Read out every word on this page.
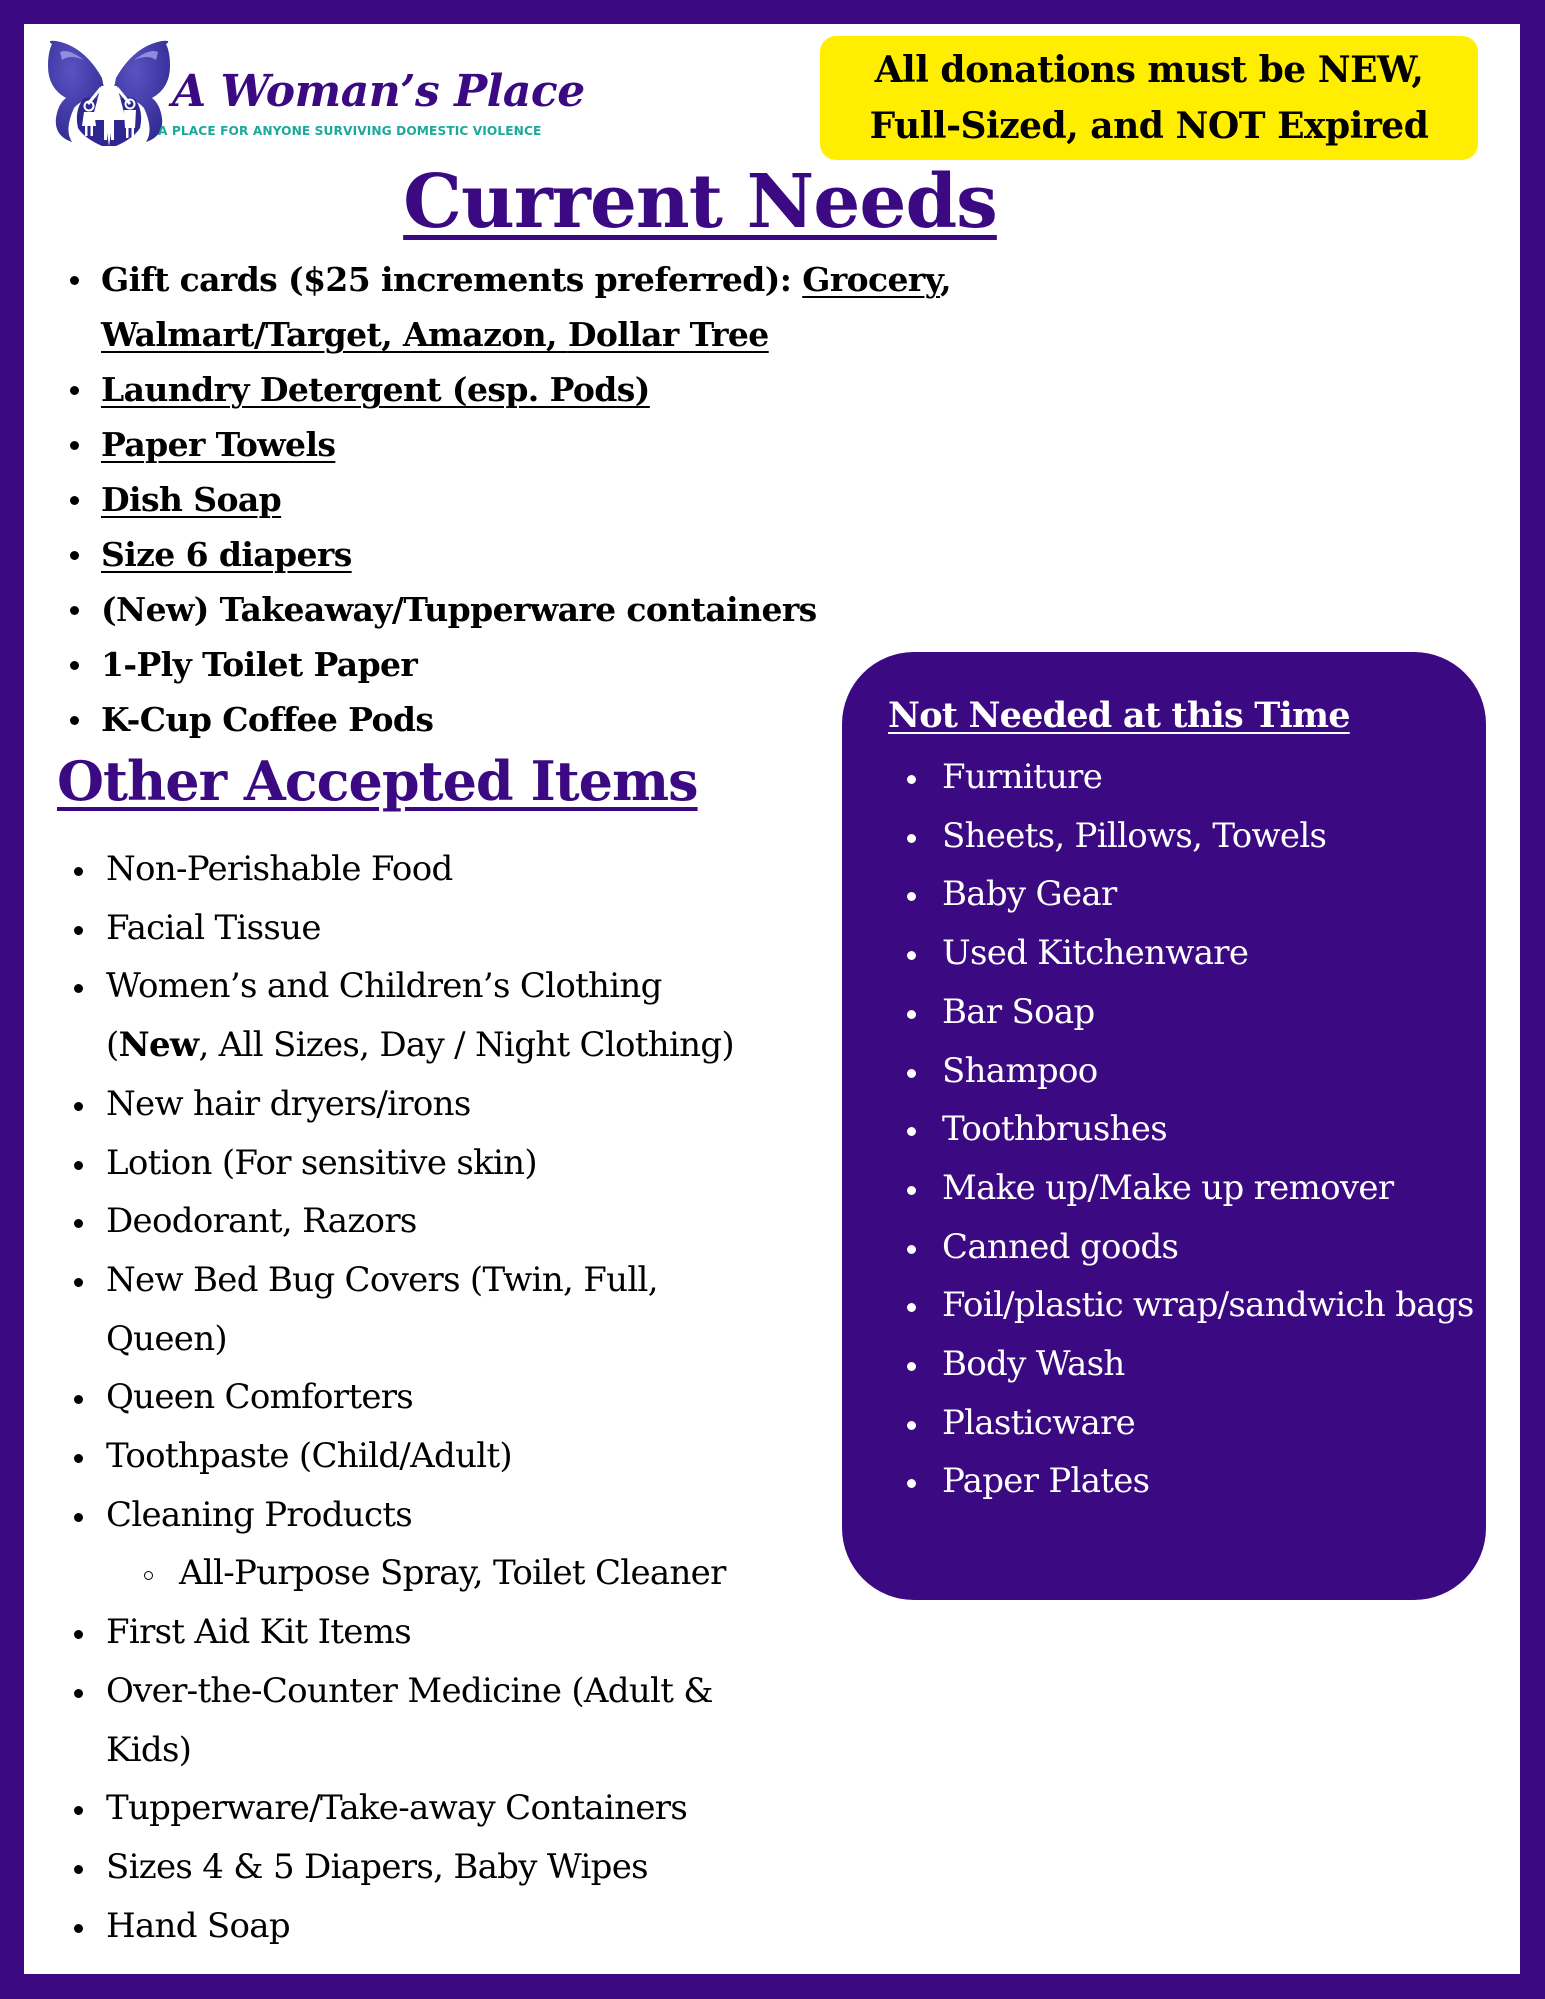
A Woman’s Place
A PLACE FOR ANYONE SURVIVING DOMESTIC VIOLENCE
All donations must be NEW,
Full-Sized, and NOT Expired
Current Needs
Gift cards ($25 increments preferred): Grocery,
Walmart/Target, Amazon, Dollar Tree
Laundry Detergent (esp. Pods)
Paper Towels
Dish Soap
Size 6 diapers
(New) Takeaway/Tupperware containers
1-Ply Toilet Paper
K-Cup Coffee Pods
Other Accepted Items
Non-Perishable Food
Facial Tissue
Women’s and Children’s Clothing
(New, All Sizes, Day / Night Clothing)
New hair dryers/irons
Lotion (For sensitive skin)
Deodorant, Razors
New Bed Bug Covers (Twin, Full, Queen)
Queen Comforters
Toothpaste (Child/Adult)
Cleaning Products
All-Purpose Spray, Toilet Cleaner
First Aid Kit Items
Over-the-Counter Medicine (Adult & Kids)
Tupperware/Take-away Containers
Sizes 4 & 5 Diapers, Baby Wipes
Hand Soap
Not Needed at this Time
Furniture
Sheets, Pillows, Towels
Baby Gear
Used Kitchenware
Bar Soap
Shampoo
Toothbrushes
Make up/Make up remover
Canned goods
Foil/plastic wrap/sandwich bags
Body Wash
Plasticware
Paper Plates
